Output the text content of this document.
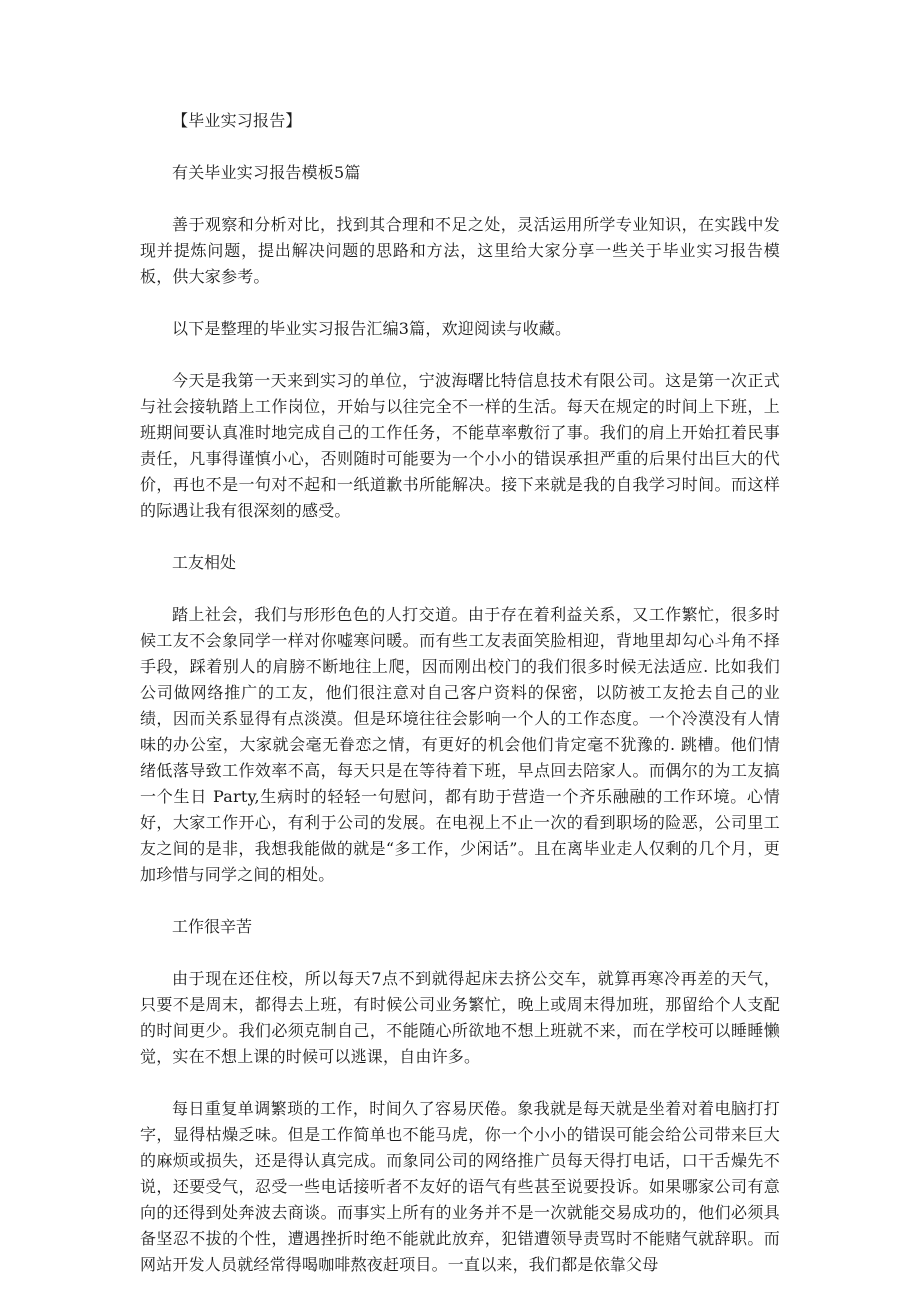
【毕业实习报告】

有关毕业实习报告模板5篇

善于观察和分析对比，找到其合理和不足之处，灵活运用所学专业知识，在实践中发现并提炼问题，提出解决问题的思路和方法，这里给大家分享一些关于毕业实习报告模板，供大家参考。

以下是整理的毕业实习报告汇编3篇，欢迎阅读与收藏。

今天是我第一天来到实习的单位，宁波海曙比特信息技术有限公司。这是第一次正式与社会接轨踏上工作岗位，开始与以往完全不一样的生活。每天在规定的时间上下班，上班期间要认真准时地完成自己的工作任务，不能草率敷衍了事。我们的肩上开始扛着民事责任，凡事得谨慎小心，否则随时可能要为一个小小的错误承担严重的后果付出巨大的代价，再也不是一句对不起和一纸道歉书所能解决。接下来就是我的自我学习时间。而这样的际遇让我有很深刻的感受。

工友相处

踏上社会，我们与形形色色的人打交道。由于存在着利益关系，又工作繁忙，很多时候工友不会象同学一样对你嘘寒问暖。而有些工友表面笑脸相迎，背地里却勾心斗角不择手段，踩着别人的肩膀不断地往上爬，因而刚出校门的我们很多时候无法适应. 比如我们公司做网络推广的工友，他们很注意对自己客户资料的保密，以防被工友抢去自己的业绩，因而关系显得有点淡漠。但是环境往往会影响一个人的工作态度。一个冷漠没有人情味的办公室，大家就会毫无眷恋之情，有更好的机会他们肯定毫不犹豫的. 跳槽。他们情绪低落导致工作效率不高，每天只是在等待着下班，早点回去陪家人。而偶尔的为工友搞一个生日 Party,生病时的轻轻一句慰问，都有助于营造一个齐乐融融的工作环境。心情好，大家工作开心，有利于公司的发展。在电视上不止一次的看到职场的险恶，公司里工友之间的是非，我想我能做的就是“多工作，少闲话”。且在离毕业走人仅剩的几个月，更加珍惜与同学之间的相处。

工作很辛苦

由于现在还住校，所以每天7点不到就得起床去挤公交车，就算再寒冷再差的天气，只要不是周末，都得去上班，有时候公司业务繁忙，晚上或周末得加班，那留给个人支配的时间更少。我们必须克制自己，不能随心所欲地不想上班就不来，而在学校可以睡睡懒觉，实在不想上课的时候可以逃课，自由许多。

每日重复单调繁琐的工作，时间久了容易厌倦。象我就是每天就是坐着对着电脑打打字，显得枯燥乏味。但是工作简单也不能马虎，你一个小小的错误可能会给公司带来巨大的麻烦或损失，还是得认真完成。而象同公司的网络推广员每天得打电话，口干舌燥先不说，还要受气，忍受一些电话接听者不友好的语气有些甚至说要投诉。如果哪家公司有意向的还得到处奔波去商谈。而事实上所有的业务并不是一次就能交易成功的，他们必须具备坚忍不拔的个性，遭遇挫折时绝不能就此放弃，犯错遭领导责骂时不能赌气就辞职。而网站开发人员就经常得喝咖啡熬夜赶项目。一直以来，我们都是依靠父母
